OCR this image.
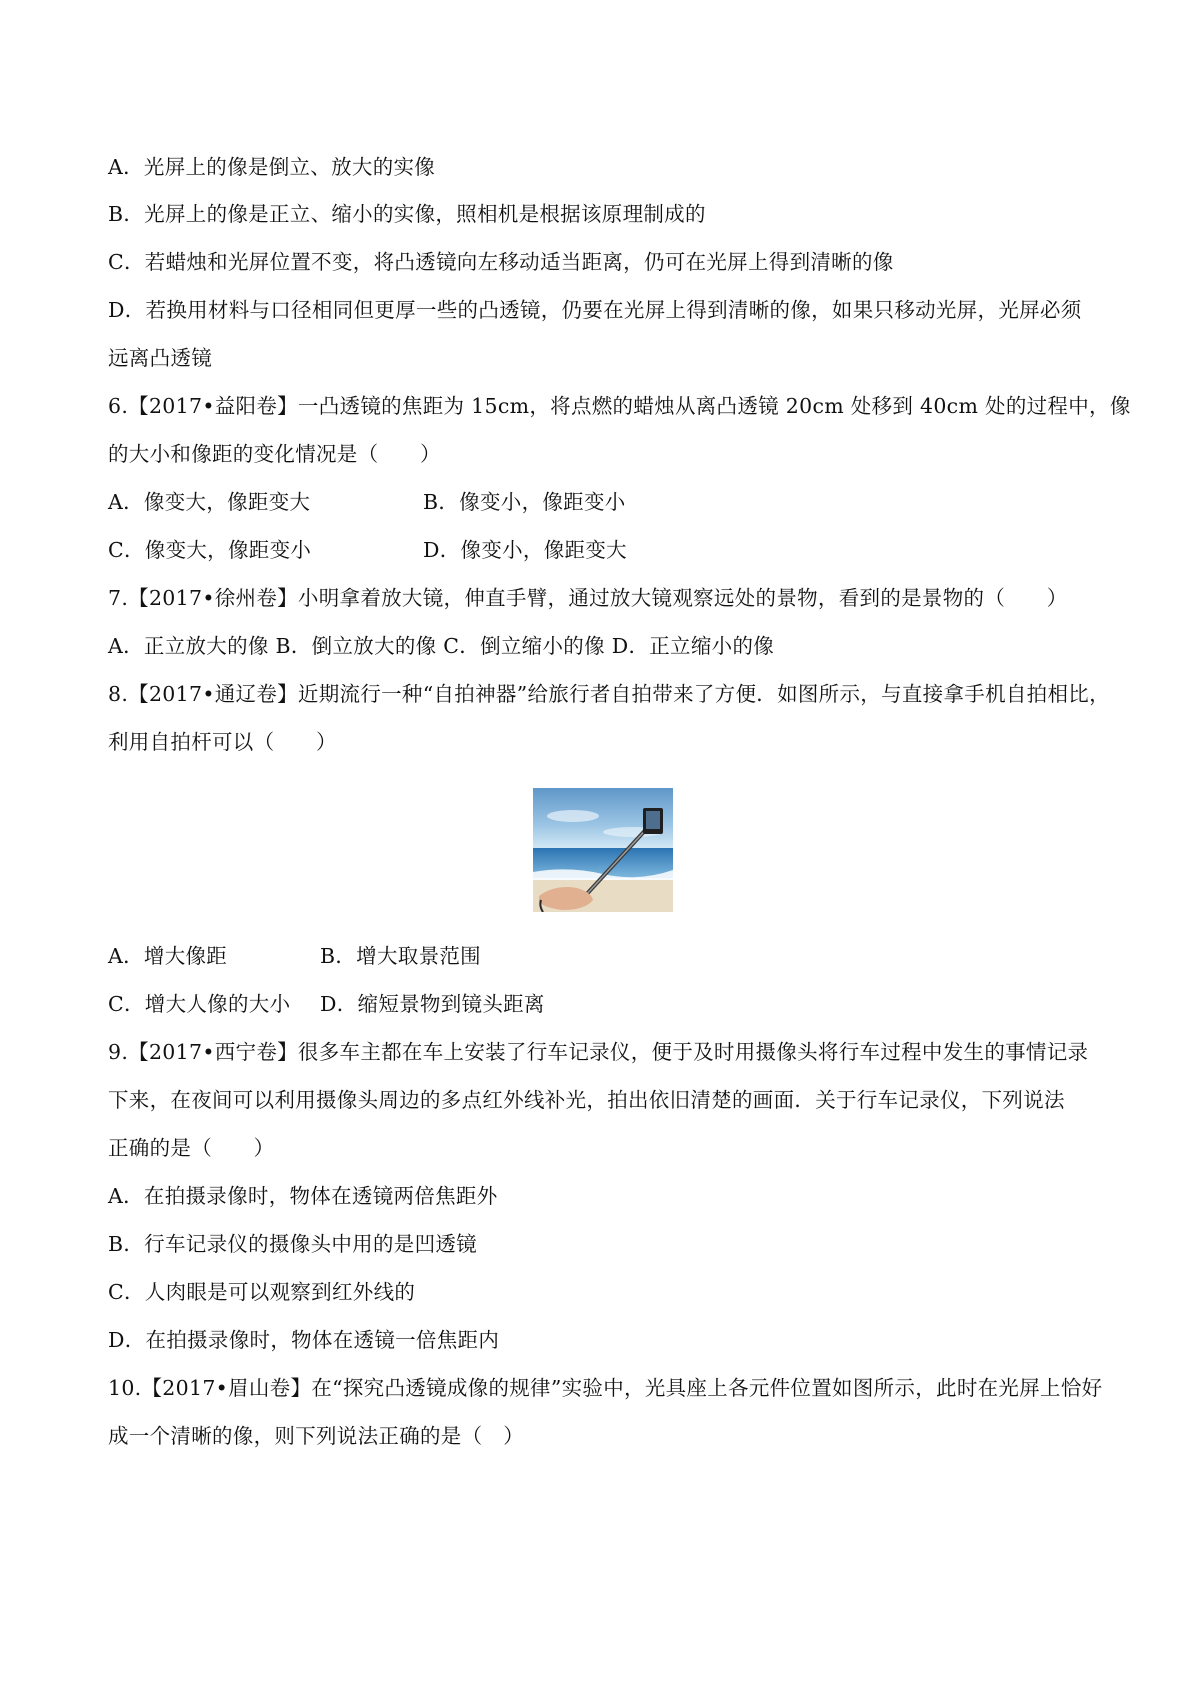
A．光屏上的像是倒立、放大的实像
B．光屏上的像是正立、缩小的实像，照相机是根据该原理制成的
C．若蜡烛和光屏位置不变，将凸透镜向左移动适当距离，仍可在光屏上得到清晰的像
D．若换用材料与口径相同但更厚一些的凸透镜，仍要在光屏上得到清晰的像，如果只移动光屏，光屏必须
远离凸透镜
6.【2017•益阳卷】一凸透镜的焦距为 15cm，将点燃的蜡烛从离凸透镜 20cm 处移到 40cm 处的过程中，像
的大小和像距的变化情况是（　　）
A．像变大，像距变大	B．像变小，像距变小
C．像变大，像距变小	D．像变小，像距变大
7.【2017•徐州卷】小明拿着放大镜，伸直手臂，通过放大镜观察远处的景物，看到的是景物的（　　）
A．正立放大的像 B．倒立放大的像 C．倒立缩小的像 D．正立缩小的像
8.【2017•通辽卷】近期流行一种“自拍神器”给旅行者自拍带来了方便．如图所示，与直接拿手机自拍相比，
利用自拍杆可以（　　）
A．增大像距	B．增大取景范围
C．增大人像的大小 D．缩短景物到镜头距离
9.【2017•西宁卷】很多车主都在车上安装了行车记录仪，便于及时用摄像头将行车过程中发生的事情记录
下来，在夜间可以利用摄像头周边的多点红外线补光，拍出依旧清楚的画面．关于行车记录仪，下列说法
正确的是（　　）
A．在拍摄录像时，物体在透镜两倍焦距外
B．行车记录仪的摄像头中用的是凹透镜
C．人肉眼是可以观察到红外线的
D．在拍摄录像时，物体在透镜一倍焦距内
10.【2017•眉山卷】在“探究凸透镜成像的规律”实验中，光具座上各元件位置如图所示，此时在光屏上恰好
成一个清晰的像，则下列说法正确的是（　）
